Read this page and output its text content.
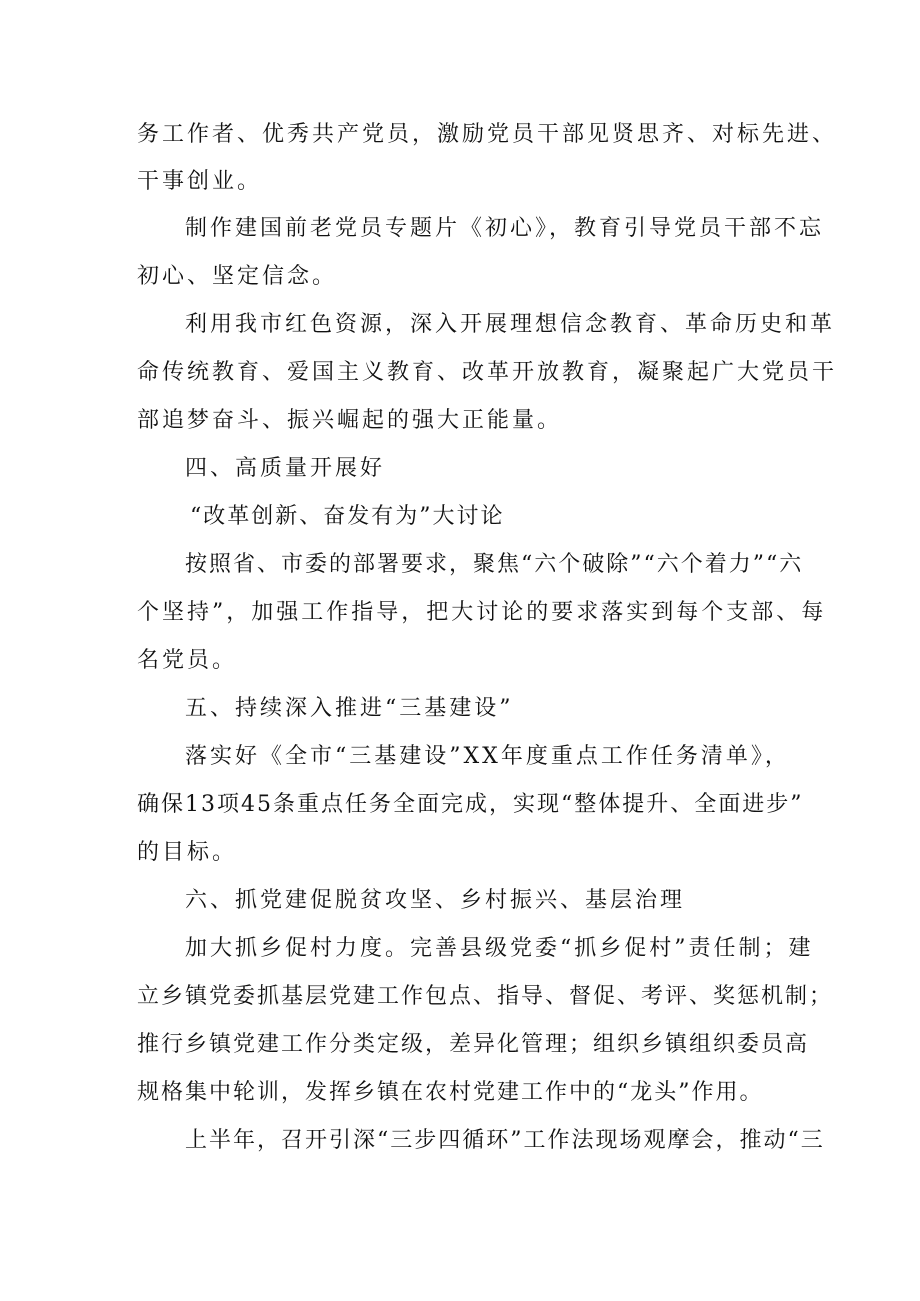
务工作者、优秀共产党员，激励党员干部见贤思齐、对标先进、
干事创业。
制作建国前老党员专题片《初心》，教育引导党员干部不忘
初心、坚定信念。
利用我市红色资源，深入开展理想信念教育、革命历史和革
命传统教育、爱国主义教育、改革开放教育，凝聚起广大党员干
部追梦奋斗、振兴崛起的强大正能量。
四、高质量开展好
“改革创新、奋发有为”大讨论
按照省、市委的部署要求，聚焦“六个破除”“六个着力”“六
个坚持”，加强工作指导，把大讨论的要求落实到每个支部、每
名党员。
五、持续深入推进“三基建设”
落实好《全市“三基建设”XX年度重点工作任务清单》，
确保13项45条重点任务全面完成，实现“整体提升、全面进步”
的目标。
六、抓党建促脱贫攻坚、乡村振兴、基层治理
加大抓乡促村力度。完善县级党委“抓乡促村”责任制；建
立乡镇党委抓基层党建工作包点、指导、督促、考评、奖惩机制；
推行乡镇党建工作分类定级，差异化管理；组织乡镇组织委员高
规格集中轮训，发挥乡镇在农村党建工作中的“龙头”作用。
上半年，召开引深“三步四循环”工作法现场观摩会，推动“三
